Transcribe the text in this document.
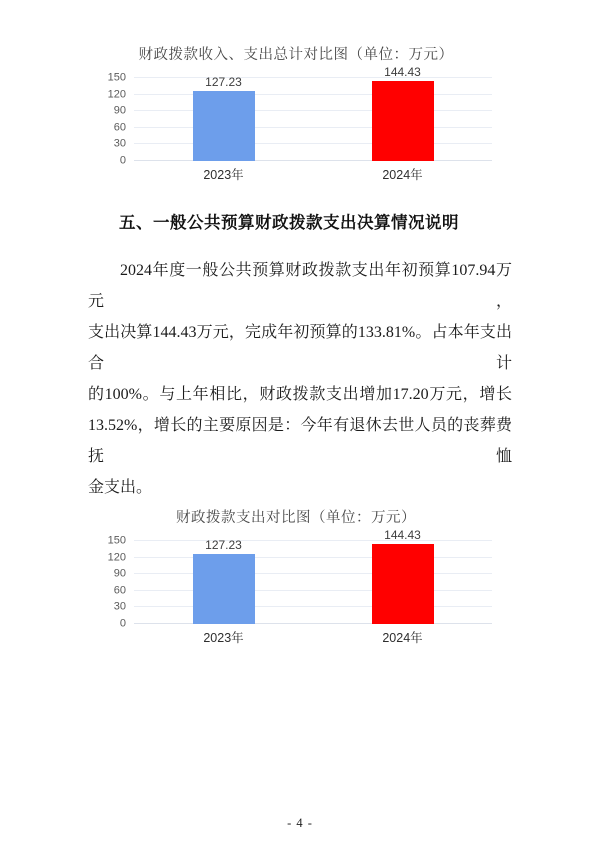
财政拨款收入、支出总计对比图（单位：万元）
0
30
60
90
120
150	127.23
144.43
2023年	2024年
五、一般公共预算财政拨款支出决算情况说明
2024年度一般公共预算财政拨款支出年初预算107.94万元，
支出决算144.43万元，完成年初预算的133.81%。占本年支出合计
的100%。与上年相比，财政拨款支出增加17.20万元，增长
13.52%，增长的主要原因是：今年有退休去世人员的丧葬费抚恤
金支出。
财政拨款支出对比图（单位：万元）
0
30
60
90
120
150	127.23
144.43
2023年	2024年
- 4 -
